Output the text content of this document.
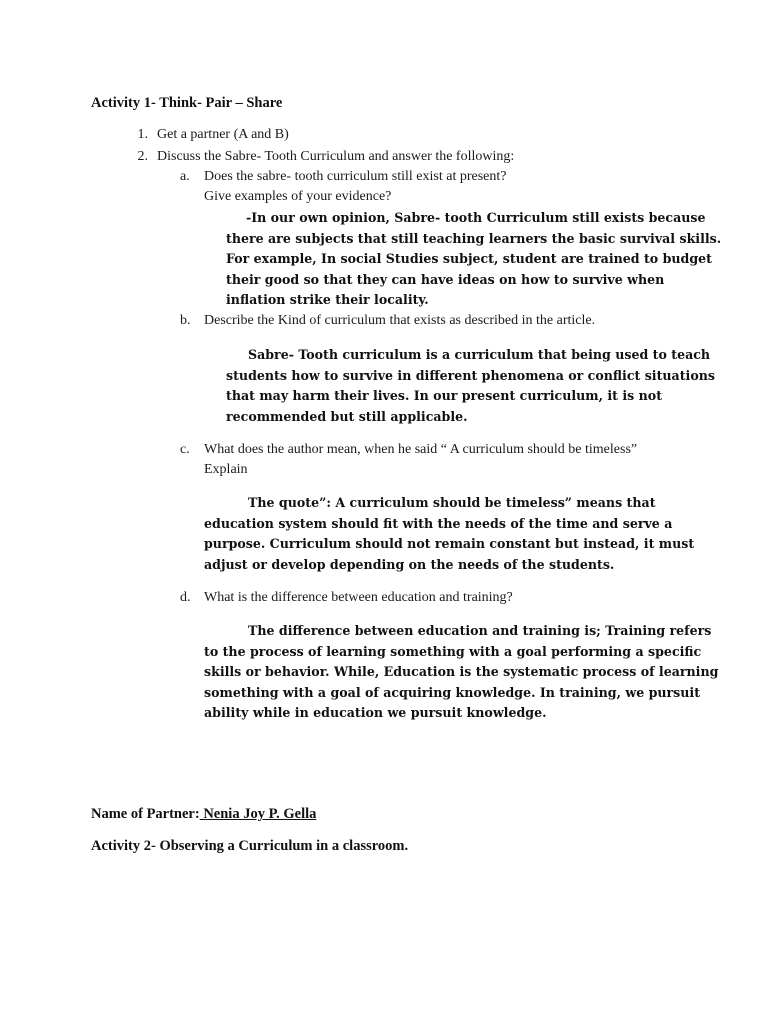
Activity 1- Think- Pair – Share
1. Get a partner (A and B)
2. Discuss the Sabre- Tooth Curriculum and answer the following:
a. Does the sabre- tooth curriculum still exist at present?
Give examples of your evidence?
-In our own opinion, Sabre- tooth Curriculum still exists because
there are subjects that still teaching learners the basic survival skills.
For example, In social Studies subject, student are trained to budget
their good so that they can have ideas on how to survive when
inflation strike their locality.
b. Describe the Kind of curriculum that exists as described in the article.
Sabre- Tooth curriculum is a curriculum that being used to teach
students how to survive in different phenomena or conflict situations
that may harm their lives. In our present curriculum, it is not
recommended but still applicable.
c. What does the author mean, when he said “ A curriculum should be timeless”
Explain
The quote”: A curriculum should be timeless” means that
education system should fit with the needs of the time and serve a
purpose. Curriculum should not remain constant but instead, it must
adjust or develop depending on the needs of the students.
d. What is the difference between education and training?
The difference between education and training is; Training refers
to the process of learning something with a goal performing a specific
skills or behavior. While, Education is the systematic process of learning
something with a goal of acquiring knowledge. In training, we pursuit
ability while in education we pursuit knowledge.
Name of Partner: Nenia Joy P. Gella
Activity 2- Observing a Curriculum in a classroom.
